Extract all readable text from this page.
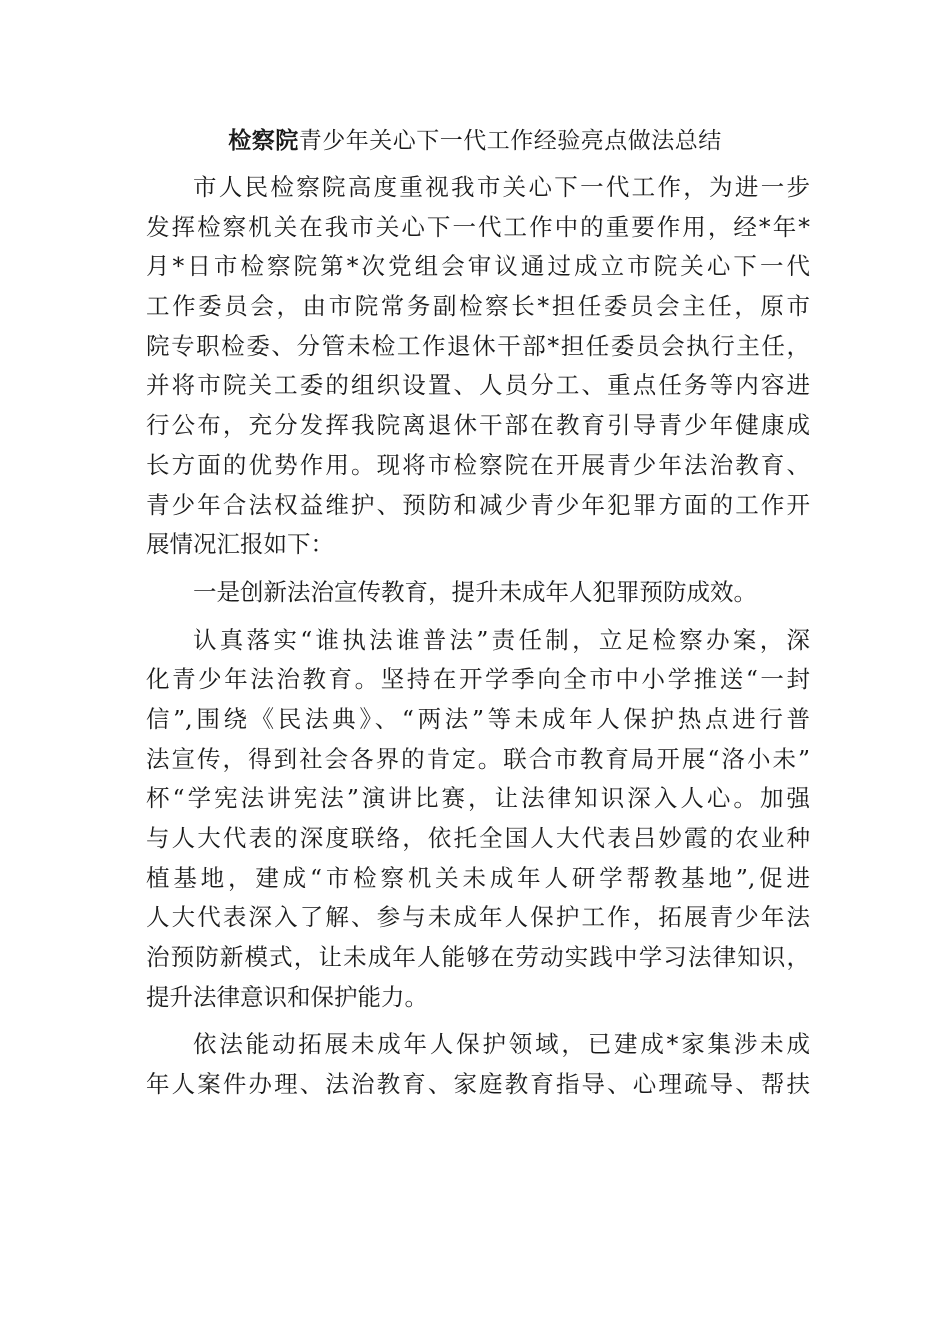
检察院青少年关心下一代工作经验亮点做法总结
市人民检察院高度重视我市关心下一代工作，为进一步
发挥检察机关在我市关心下一代工作中的重要作用，经*年*
月*日市检察院第*次党组会审议通过成立市院关心下一代
工作委员会，由市院常务副检察长*担任委员会主任，原市
院专职检委、分管未检工作退休干部*担任委员会执行主任，
并将市院关工委的组织设置、人员分工、重点任务等内容进
行公布，充分发挥我院离退休干部在教育引导青少年健康成
长方面的优势作用。现将市检察院在开展青少年法治教育、
青少年合法权益维护、预防和减少青少年犯罪方面的工作开
展情况汇报如下：
一是创新法治宣传教育，提升未成年人犯罪预防成效。
认真落实“谁执法谁普法”责任制，立足检察办案，深
化青少年法治教育。坚持在开学季向全市中小学推送“一封
信”,围绕《民法典》、“两法”等未成年人保护热点进行普
法宣传，得到社会各界的肯定。联合市教育局开展“洛小未”
杯“学宪法讲宪法”演讲比赛，让法律知识深入人心。加强
与人大代表的深度联络，依托全国人大代表吕妙霞的农业种
植基地，建成“市检察机关未成年人研学帮教基地”,促进
人大代表深入了解、参与未成年人保护工作，拓展青少年法
治预防新模式，让未成年人能够在劳动实践中学习法律知识，
提升法律意识和保护能力。
依法能动拓展未成年人保护领域，已建成*家集涉未成
年人案件办理、法治教育、家庭教育指导、心理疏导、帮扶
